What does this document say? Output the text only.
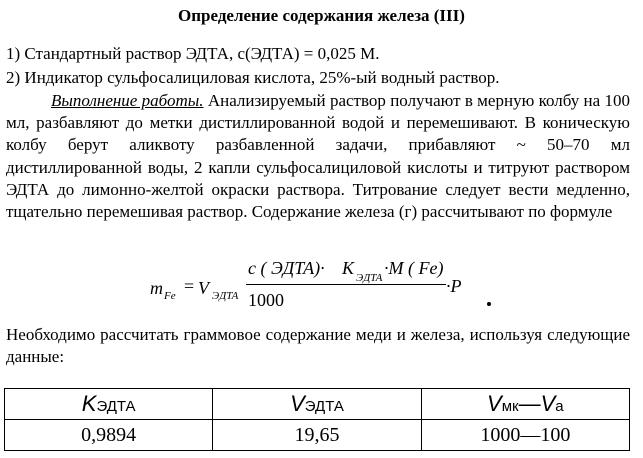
Определение содержания железа (III)
1) Стандартный раствор ЭДТА, с(ЭДТА) = 0,025 М.
2) Индикатор сульфосалициловая кислота, 25%-ый водный раствор.
Выполнение работы. Анализируемый раствор получают в мерную колбу на 100 мл, разбавляют до метки дистиллированной водой и перемешивают. В коническую колбу берут аликвоту разбавленной задачи, прибавляют ~ 50–70 мл дистиллированной воды, 2 капли сульфосалициловой кислоты и титруют раствором ЭДТА до лимонно-желтой окраски раствора. Титрование следует вести медленно, тщательно перемешивая раствор. Содержание железа (г) рассчитывают по формуле
m Fe = V ЭДТА
c ( ЭДТА)· K ЭДТА ·M ( Fe)
1000
·P
Необходимо рассчитать граммовое содержание меди и железа, используя следующие данные:
KЭДТА	VЭДТА	Vмк—Vа
0,9894	19,65	1000—100
